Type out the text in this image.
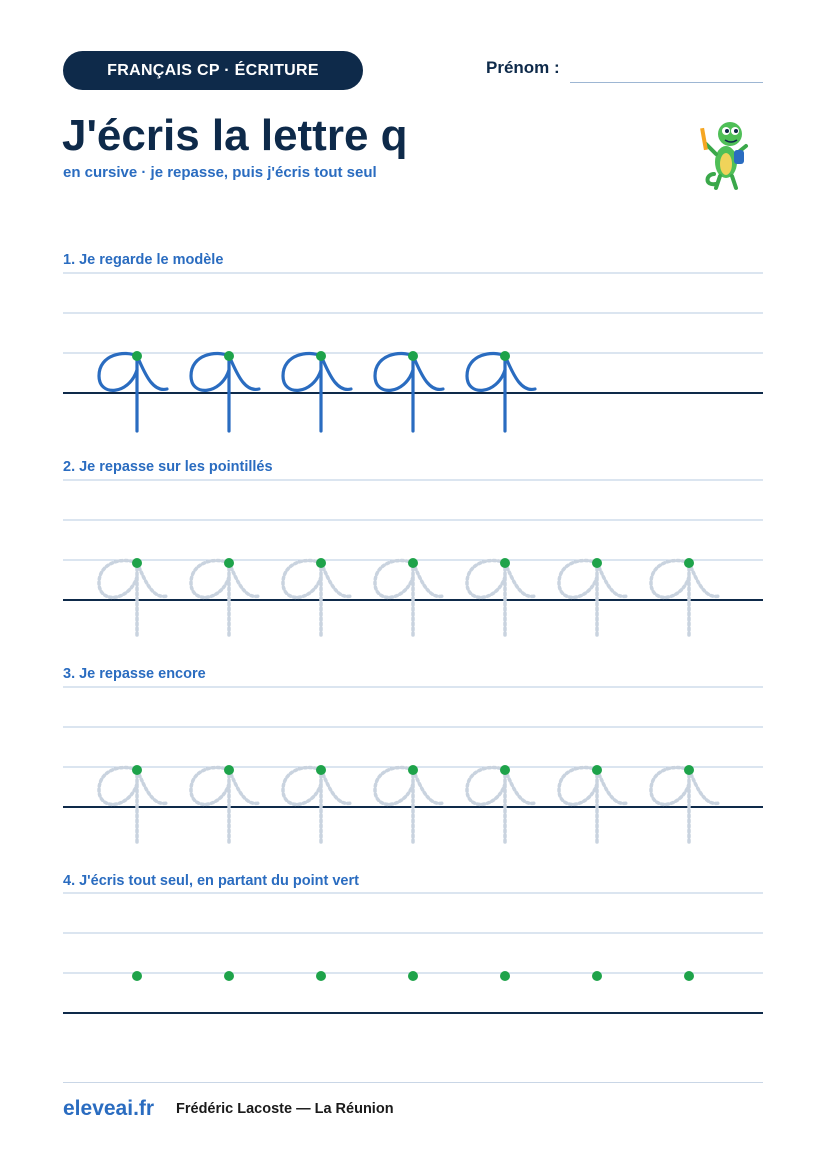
FRANÇAIS CP · ÉCRITURE	Prénom :
J'écris la lettre q
en cursive · je repasse, puis j'écris tout seul
1. Je regarde le modèle
2. Je repasse sur les pointillés
3. Je repasse encore
4. J'écris tout seul, en partant du point vert
eleveai.fr Frédéric Lacoste — La Réunion
